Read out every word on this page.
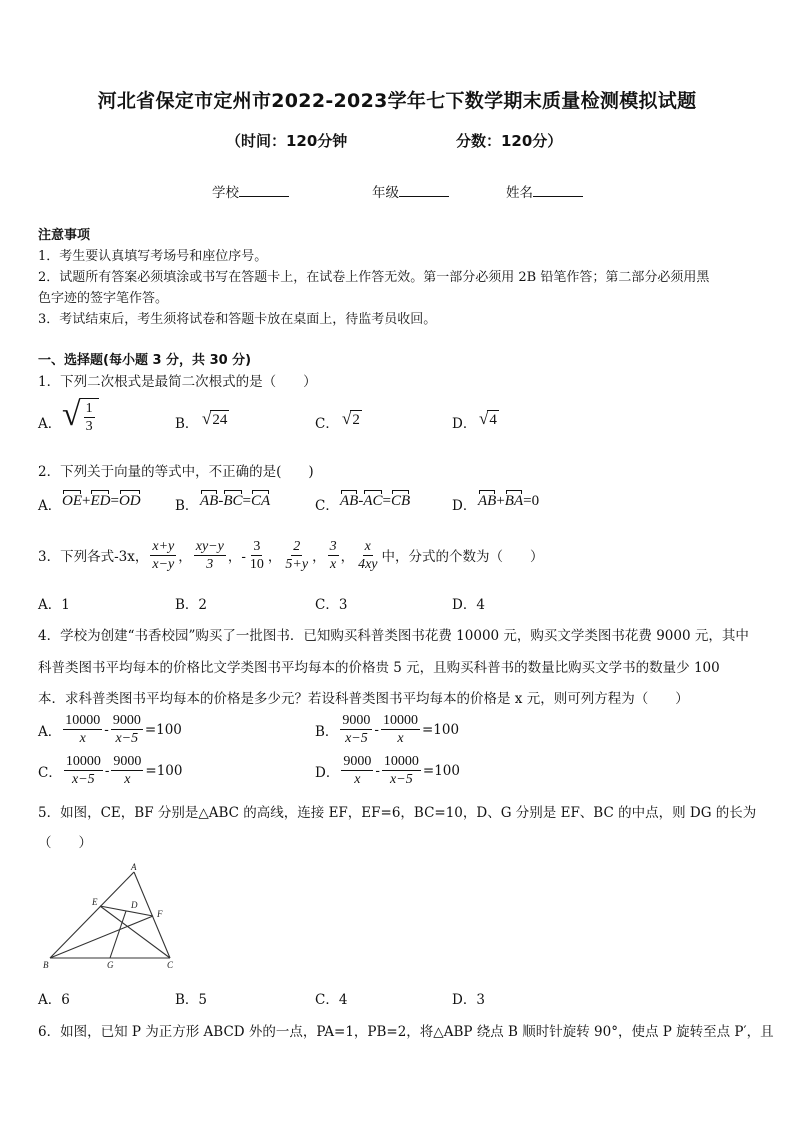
河北省保定市定州市2022-2023学年七下数学期末质量检测模拟试题
（时间：120分钟	分数：120分）
学校	年级	姓名
注意事项
1．考生要认真填写考场号和座位序号。
2．试题所有答案必须填涂或书写在答题卡上，在试卷上作答无效。第一部分必须用 2B 铅笔作答；第二部分必须用黑
色字迹的签字笔作答。
3．考试结束后，考生须将试卷和答题卡放在桌面上，待监考员收回。
一、选择题(每小题 3 分，共 30 分)
1．下列二次根式是最简二次根式的是（　　）
A． √ $\frac{1}{3}$	B． √ 24	C． √ 2	D． √ 4
2．下列关于向量的等式中，不正确的是(　　)
A． OE+ED=OD	B． AB-BC=CA	C． AB-AC=CB	D． AB+BA=0
3．下列各式-3x， $\frac{x+y}{x-y}$ ， $\frac{xy-y}{3}$ ，- $\frac{3}{10}$ ， $\frac{2}{5+y}$ ， $\frac{3}{x}$ ， $\frac{x}{4xy}$ 中，分式的个数为（　　）
A．1	B．2	C．3	D．4
4．学校为创建“书香校园”购买了一批图书．已知购买科普类图书花费 10000 元，购买文学类图书花费 9000 元，其中
科普类图书平均每本的价格比文学类图书平均每本的价格贵 5 元，且购买科普书的数量比购买文学书的数量少 100
本．求科普类图书平均每本的价格是多少元？若设科普类图书平均每本的价格是 x 元，则可列方程为（　　）
A． $\frac{10000}{x} - \frac{9000}{x-5} =100$	B． $\frac{9000}{x-5} - \frac{10000}{x} =100$
C． $\frac{10000}{x-5} - \frac{9000}{x} =100$	D． $\frac{9000}{x} - \frac{10000}{x-5} =100$
5．如图，CE，BF 分别是△ABC 的高线，连接 EF，EF=6，BC=10，D、G 分别是 EF、BC 的中点，则 DG 的长为
（　　）
A
B	C
E	D
F
G
A．6	B．5	C．4	D．3
6．如图，已知 P 为正方形 ABCD 外的一点，PA=1，PB=2，将△ABP 绕点 B 顺时针旋转 90°，使点 P 旋转至点 P′，且
